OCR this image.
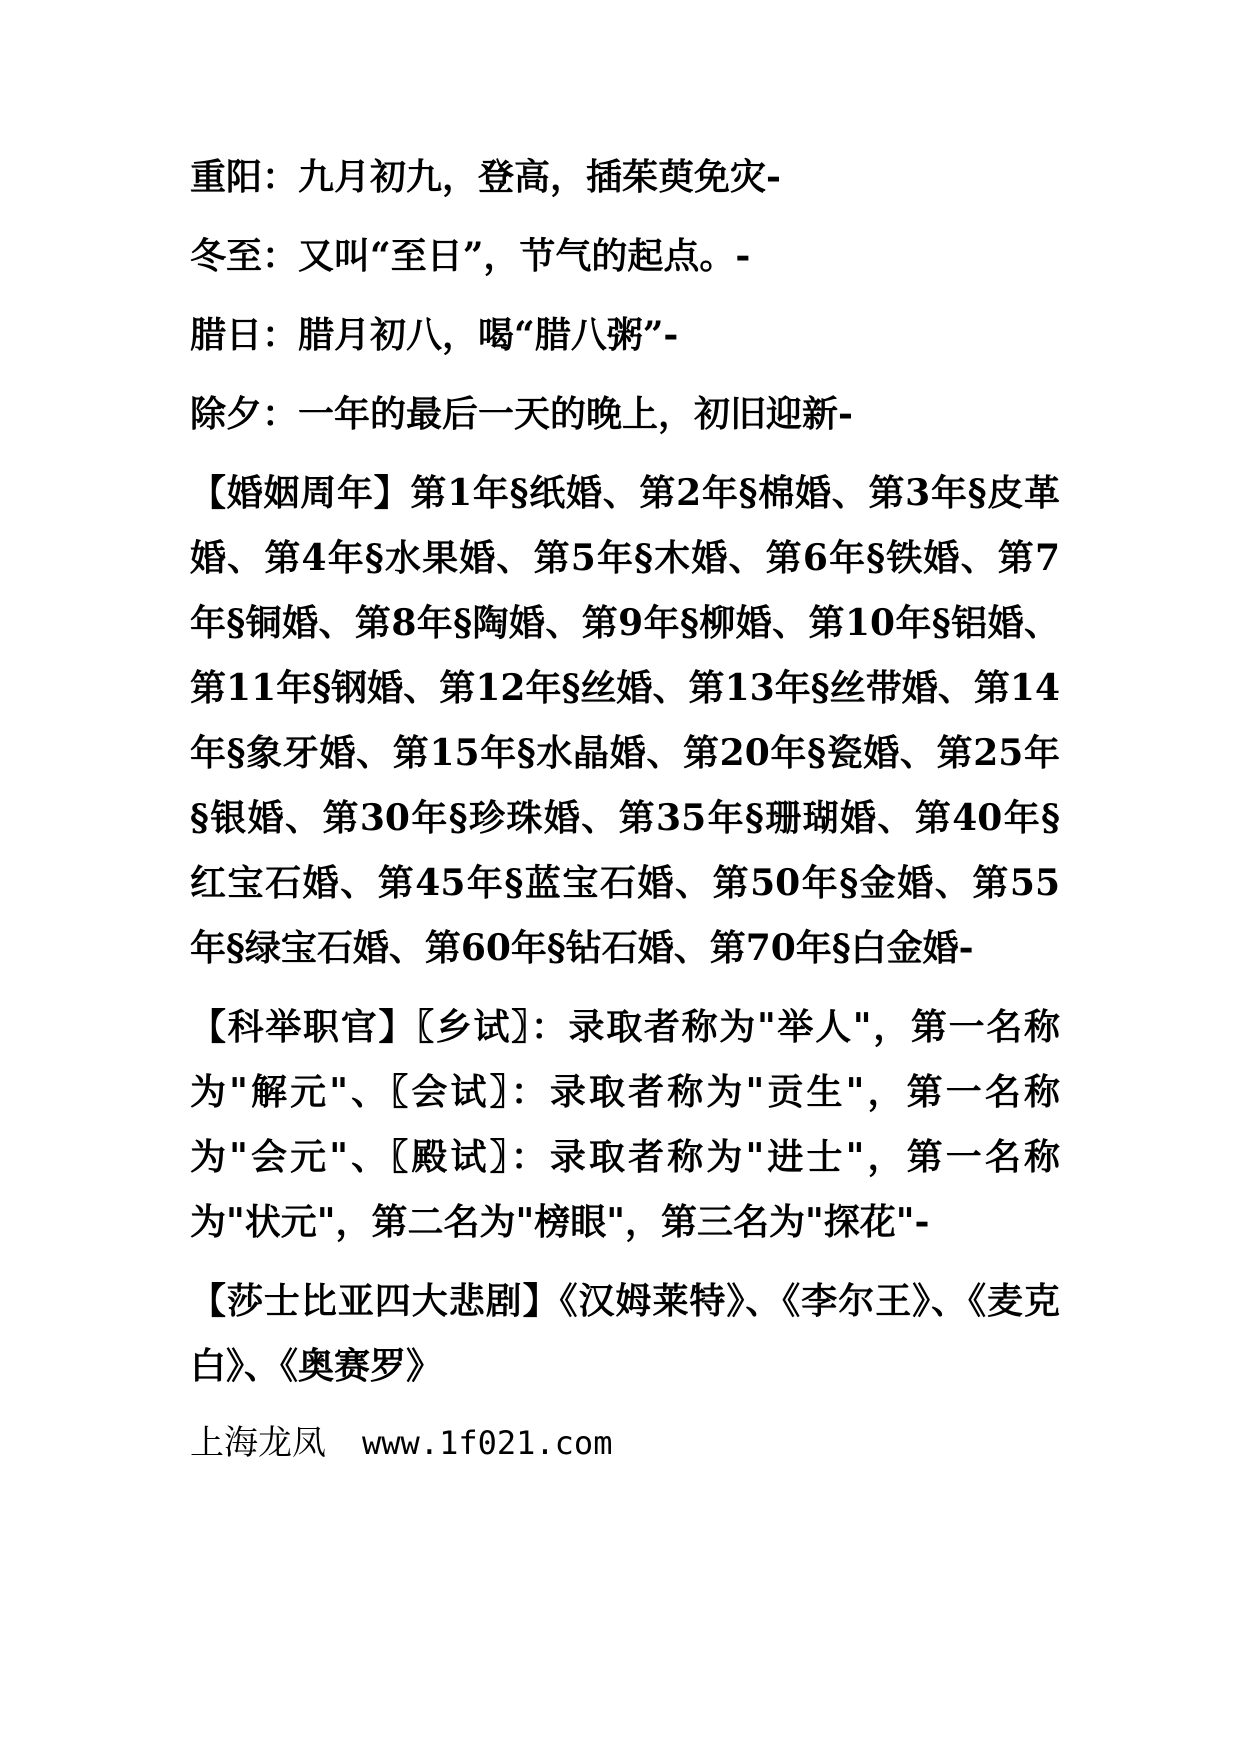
重阳：九月初九，登高，插茱萸免灾-

冬至：又叫“至日”，节气的起点。-

腊日：腊月初八，喝“腊八粥”-

除夕：一年的最后一天的晚上，初旧迎新-

【婚姻周年】第1年§纸婚、第2年§棉婚、第3年§皮革婚、第4年§水果婚、第5年§木婚、第6年§铁婚、第7年§铜婚、第8年§陶婚、第9年§柳婚、第10年§铝婚、第11年§钢婚、第12年§丝婚、第13年§丝带婚、第14年§象牙婚、第15年§水晶婚、第20年§瓷婚、第25年§银婚、第30年§珍珠婚、第35年§珊瑚婚、第40年§红宝石婚、第45年§蓝宝石婚、第50年§金婚、第55年§绿宝石婚、第60年§钻石婚、第70年§白金婚-

【科举职官】〖乡试〗：录取者称为"举人"，第一名称为"解元"、〖会试〗：录取者称为"贡生"，第一名称为"会元"、〖殿试〗：录取者称为"进士"，第一名称为"状元"，第二名为"榜眼"，第三名为"探花"-

【莎士比亚四大悲剧】《汉姆莱特》、《李尔王》、《麦克白》、《奥赛罗》

上海龙凤 www.1f021.com
